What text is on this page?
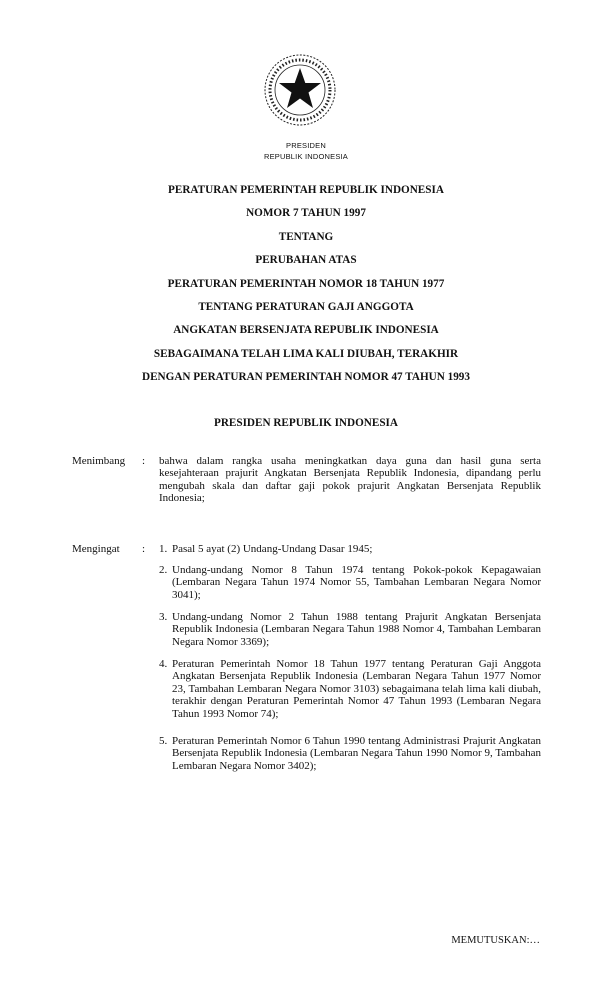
PRESIDEN
REPUBLIK INDONESIA
PERATURAN PEMERINTAH REPUBLIK INDONESIA
NOMOR 7 TAHUN 1997
TENTANG
PERUBAHAN ATAS
PERATURAN PEMERINTAH NOMOR 18 TAHUN 1977
TENTANG PERATURAN GAJI ANGGOTA
ANGKATAN BERSENJATA REPUBLIK INDONESIA
SEBAGAIMANA TELAH LIMA KALI DIUBAH, TERAKHIR
DENGAN PERATURAN PEMERINTAH NOMOR 47 TAHUN 1993
PRESIDEN REPUBLIK INDONESIA
Menimbang : bahwa dalam rangka usaha meningkatkan daya guna dan hasil guna serta kesejahteraan prajurit Angkatan Bersenjata Republik Indonesia, dipandang perlu mengubah skala dan daftar gaji pokok prajurit Angkatan Bersenjata Republik Indonesia;
Mengingat : 1. Pasal 5 ayat (2) Undang-Undang Dasar 1945;
2. Undang-undang Nomor 8 Tahun 1974 tentang Pokok-pokok Kepagawaian (Lembaran Negara Tahun 1974 Nomor 55, Tambahan Lembaran Negara Nomor 3041);
3. Undang-undang Nomor 2 Tahun 1988 tentang Prajurit Angkatan Bersenjata Republik Indonesia (Lembaran Negara Tahun 1988 Nomor 4, Tambahan Lembaran Negara Nomor 3369);
4. Peraturan Pemerintah Nomor 18 Tahun 1977 tentang Peraturan Gaji Anggota Angkatan Bersenjata Republik Indonesia (Lembaran Negara Tahun 1977 Nomor 23, Tambahan Lembaran Negara Nomor 3103) sebagaimana telah lima kali diubah, terakhir dengan Peraturan Pemerintah Nomor 47 Tahun 1993 (Lembaran Negara Tahun 1993 Nomor 74);
5. Peraturan Pemerintah Nomor 6 Tahun 1990 tentang Administrasi Prajurit Angkatan Bersenjata Republik Indonesia (Lembaran Negara Tahun 1990 Nomor 9, Tambahan Lembaran Negara Nomor 3402);
MEMUTUSKAN:…
